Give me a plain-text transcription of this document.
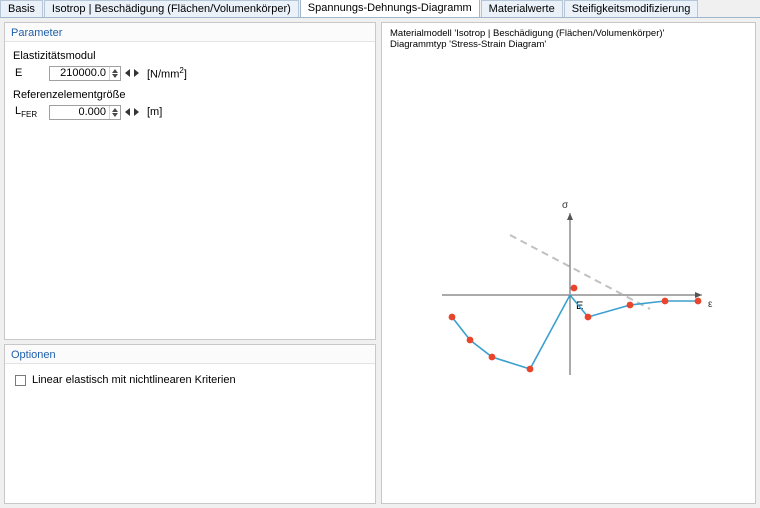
Basis	Isotrop | Beschädigung (Flächen/Volumenkörper)	Spannungs-Dehnungs-Diagramm	Materialwerte	Steifigkeitsmodifizierung
Parameter
Elastizitätsmodul
E
210000.0	$[N/mm^2]$
Referenzelementgröße
$L_{FER}$
0.000	[m]
Optionen
Linear elastisch mit nichtlinearen Kriterien
Materialmodell 'Isotrop | Beschädigung (Flächen/Volumenkörper)'
Diagrammtyp 'Stress-Strain Diagram'
σ
ε
E
